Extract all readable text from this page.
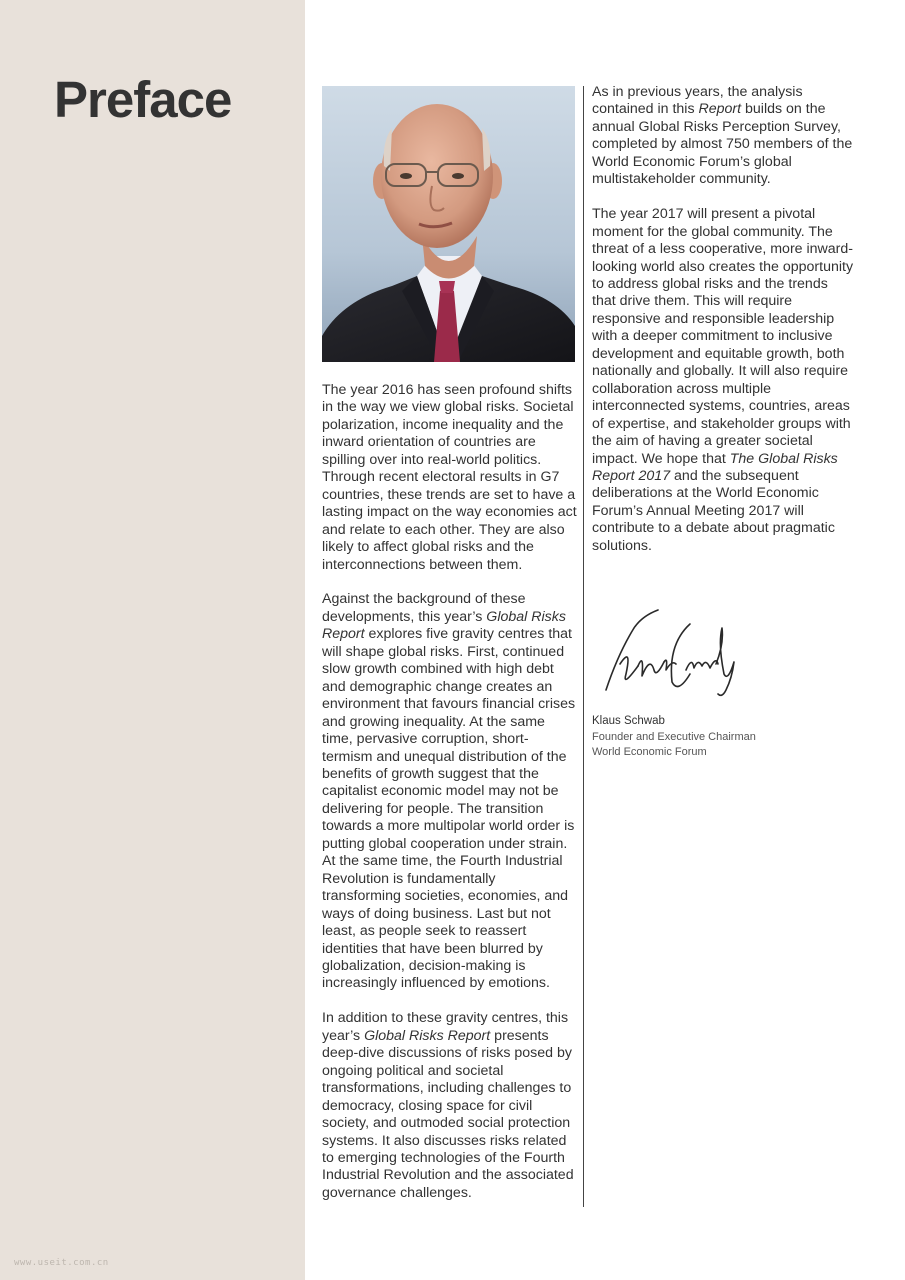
Preface
www.useit.com.cn

The year 2016 has seen profound shifts in the way we view global risks. Societal polarization, income inequality and the inward orientation of countries are spilling over into real-world politics. Through recent electoral results in G7 countries, these trends are set to have a lasting impact on the way economies act and relate to each other. They are also likely to affect global risks and the interconnections between them.

Against the background of these developments, this year’s Global Risks Report explores five gravity centres that will shape global risks. First, continued slow growth combined with high debt and demographic change creates an environment that favours financial crises and growing inequality. At the same time, pervasive corruption, short-termism and unequal distribution of the benefits of growth suggest that the capitalist economic model may not be delivering for people. The transition towards a more multipolar world order is putting global cooperation under strain. At the same time, the Fourth Industrial Revolution is fundamentally transforming societies, economies, and ways of doing business. Last but not least, as people seek to reassert identities that have been blurred by globalization, decision-making is increasingly influenced by emotions.

In addition to these gravity centres, this year’s Global Risks Report presents deep-dive discussions of risks posed by ongoing political and societal transformations, including challenges to democracy, closing space for civil society, and outmoded social protection systems. It also discusses risks related to emerging technologies of the Fourth Industrial Revolution and the associated governance challenges.

As in previous years, the analysis contained in this Report builds on the annual Global Risks Perception Survey, completed by almost 750 members of the World Economic Forum’s global multistakeholder community.

The year 2017 will present a pivotal moment for the global community. The threat of a less cooperative, more inward-looking world also creates the opportunity to address global risks and the trends that drive them. This will require responsive and responsible leadership with a deeper commitment to inclusive development and equitable growth, both nationally and globally. It will also require collaboration across multiple interconnected systems, countries, areas of expertise, and stakeholder groups with the aim of having a greater societal impact. We hope that The Global Risks Report 2017 and the subsequent deliberations at the World Economic Forum’s Annual Meeting 2017 will contribute to a debate about pragmatic solutions.

Klaus Schwab
Founder and Executive Chairman
World Economic Forum
